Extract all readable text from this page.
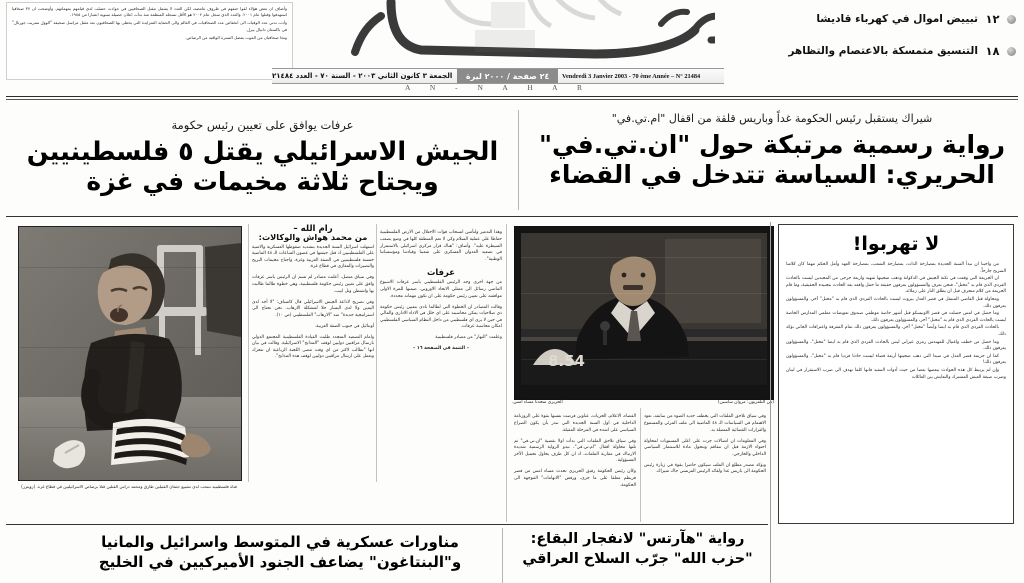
وأضاف ان بعض هؤلاء لقوا حتفهم في ظروف غامضة، لكن العدد لا يشمل مقتل الصحافيين في حوادث حصلت لدى قيامهم بمهماتهم. وأوضحت ان ٣٧ صحافيا استهدفوا وقتلوا عام ٢٠٠١. والعدد الذي سجل عام ٢٠٠٢ هو الأقل تسجله المنظمة منذ بدأت اعلان حصيلة سنوية اعتبارا من ١٩٨٥.

وأدت تدني عدد الوفيات الى انخفاض عدد الصحافيات في العالم والى الحماية المتزايدة التي يحظى بها الصحافيون بعد مقتل مراسل صحيفة "الوول ستريت جورنال" في باكستان دانيال بيرل.

ونجا صحافيان من الموت بفضل السترة الواقية من الرصاص.

١٢
تبييض اموال في كهرباء قاديشا
١٨
التنسيق متمسكة بالاعتصام والتظاهر
Vendredi 3 Janvier 2003 - 70 ème Année – N° 21484
٢٤ صفحة / ٢٠٠٠ ليرة
الجمعة ٣ كانون الثاني ٢٠٠٣ - السنة ٧٠ - العدد ٢١٤٨٤
A N - N A H A R
عرفات يوافق على تعيين رئيس حكومة
الجيش الاسرائيلي يقتل ٥ فلسطينيين
ويجتاح ثلاثة مخيمات في غزة
شيراك يستقبل رئيس الحكومة غداً وباريس قلقة من اقفال "ام.تي.في"
رواية رسمية مرتبكة حول "ان.تي.في"
الحريري: السياسة تتدخل في القضاء
فتاة فلسطينية تنتحب لدى تشييع جثمان القتيلين طارق ومحمد دراس القتلين قتلا برصاص الاسرائيليين في قطاع غزة. (رويترز)
رام الله –
من محمد هواش والوكالات:

استهلت اسرائيل السنة الجديدة بتشديد ضغوطها العسكرية والامنية على الفلسطينيين اذ قتل جيشها في غضون الساعات الـ ٤٨ الماضية خمسة فلسطينيين في الضفة الغربية وغزة، واجتاح مخيمات البريج والنصيرات والمغازي في قطاع غزة.

وفي سياق متصل، أعلنت مصادر لم تسم ان الرئيس ياسر عرفات وافق على تعيين رئيس حكومة فلسطينية، وهي خطوة طالما طالبت بها واشنطن وتل ابيب.

وفي تصريح لاذاعة الجيش الاسرائيلي قال كاتساف: "لا أجد لدى اليمين ولا لدى اليسار حلا لمشكلة الارهاب. نحن نحتاج الى استراتيجية جديدة" ضد "الارهاب" الفلسطيني (ص ١٠).

أوتنائيل في جنوب الضفة الغربية.

وامام التصعيد المتجدد طلبت القيادة الفلسطينية المجتمع الدولي بارسال مراقبين دوليين لوقف "المذابح" الاسرائيلية. وقالت في بيان انها "تطالب لاكثر من اي وقت مضى اللجنة الرباعية ان تتحرك وتعمل على ارسال مراقبين دوليين لوقف هذه المذابح".

وهذا التدمير ولتأمين انسحاب قوات الاحتلال من الارض الفلسطينية حفاظا على عملية السلام وكي لا تعم المنطقة كلها في وضع يصعب السيطرة عليه". وأضاف: "هناك قرار مركزي اسرائيلي بالاستمرار في تصعيد العدوان العسكري على شعبنا وقيادتنا ومؤسساتنا الوطنية".

عرفات

من جهة اخرى وجه الرئيس الفلسطيني ياسر عرفات الاسبوع الماضي رسائل الى ممثلي الاتحاد الاوروبي، ضمنها للمرة الاولى موافقته على تعيين رئيس حكومة على ان تكون مهماته محددة.

وقالت المصادر ان الخطوة التي لطالما نادى بتعيين رئيس حكومة ذي صلاحيات يمكن محاسبته على اي خلل في الاداء الاداري والمالي في حين لا يرى اي فلسطيني من داخل النظام السياسي الفلسطيني امكان محاسبة عرفات.

وعلمت "النهار" من مصادر فلسطينية

– التتمة في الصفحة ١٦ –
8.54
(من التلفزيون: مروان ساسين)
الحريري متحدثا مساء امس.

القضاء، الاعلام، الحريات، عناوين فرضت نفسها بقوة على الروزنامة الداخلية في اول السنة الجديدة التي تنذر بأن يكون الصراع السياسي على اشده في المرحلة المقبلة.

وفي سياق تلاحق الملفات التي بدأت اولا بقضية "ان.تي.في" ثم تلتها محاولة اقفال "ام.تي.في"، تبدو الرواية الرسمية شديدة الارتباك في مقاربة الملفات، اذ ان كل طرف يحاول تحميل الآخر المسؤولية.

وكان رئيس الحكومة رفيق الحريري تحدث مساء امس من قصر قريطم معلقا على ما جرى، ورفض "الاتهامات" الموجهة الى الحكومة.

وفي سياق تلاحق الملفات التي يخطف جديد الضوء من سابقه، تعود الاهتمام في السياسات الـ ٤٨ الماضية الى ملف المرئي والمسموع والقرارات القضائية المتصلة به.

وفي المعلومات ان اتصالات جرت على اعلى المستويات لمحاولة احتواء الازمة قبل ان تتفاقم وتتحول مادة للاستثمار السياسي الداخلي والخارجي.

ويؤكد مصدر مطلع ان الملف سيكون حاضرا بقوة في زيارة رئيس الحكومة الى باريس غدا ولقائه الرئيس الفرنسي جاك شيراك.

لا تهربوا!

من واجبنا ان نبدأ السنة الجديدة بمصارحة الذات، بمصارحة الشعب، بمصارحة العهد وأمل الحكم مهما كان كلامنا الصريح جارحاً.

ان الجريمة التي وقعت في ثكنة الجيش في الدكوانة وذهب ضحيتها شهيد واربعة جرحى من المجندين ليست بالحادث الفردي الذي قام به "مختل"، فنحن نعرف والمسؤولون يعرفون حقيقة ما حمل واقعه بعد الحادث بتجنيده الحقيقية، وما قام الجريمة من كلام منحرف قبل ان يطلق النار على زملائه.

ومحاولة قتل القاضي المنتقل في قصر العدل بيروت ليست بالحادث الفردي الذي قام به "مختل" آخر، والمسؤولون يعرفون ذلك.

وما حصل في امس حصلت في قصر الاونيسكو قبل أشهر خاصة موظفي صندوق تعويضات معلمي المدارس الخاصة ليست بالحادث الفردي الذي قام به "مختل" آخر، والمسؤولون يعرفون ذلك.

بالحادث الفردي الذي قام به ايضا وأيضاً "مختل" آخر، والمسؤولون يعرفون ذلك تمام المعرفة واعترافات الجاني تؤكد ذلك.

وما حصل من خطف واغتيال للمهندس رمزي عيراني ليس بالحادث الفردي الذي قام به ايضا "مختل"، والمسؤولون يعرفون ذلك.

كما ان جريمة قصر العدل في صيدا التي ذهب ضحيتها أربعة قضاة ليست حادثا فرديا قام به "مختل"، والمسؤولون يعرفون ذلك!

وإن لم يرتبط كل هذه الحوادث ببعضها بعضا من حيث أدوات التنفيذ فانها كلما تهدف الى ضرب الاستقرار في لبنان وضرب صيغة العيش المشترك والتعايش بين العائلات

مناورات عسكرية في المتوسط واسرائيل والمانيا
و"البنتاغون" يضاعف الجنود الأميركيين في الخليج
رواية "هآرتس" لانفجار البقاع:
"حزب الله" جرّب السلاح العراقي
